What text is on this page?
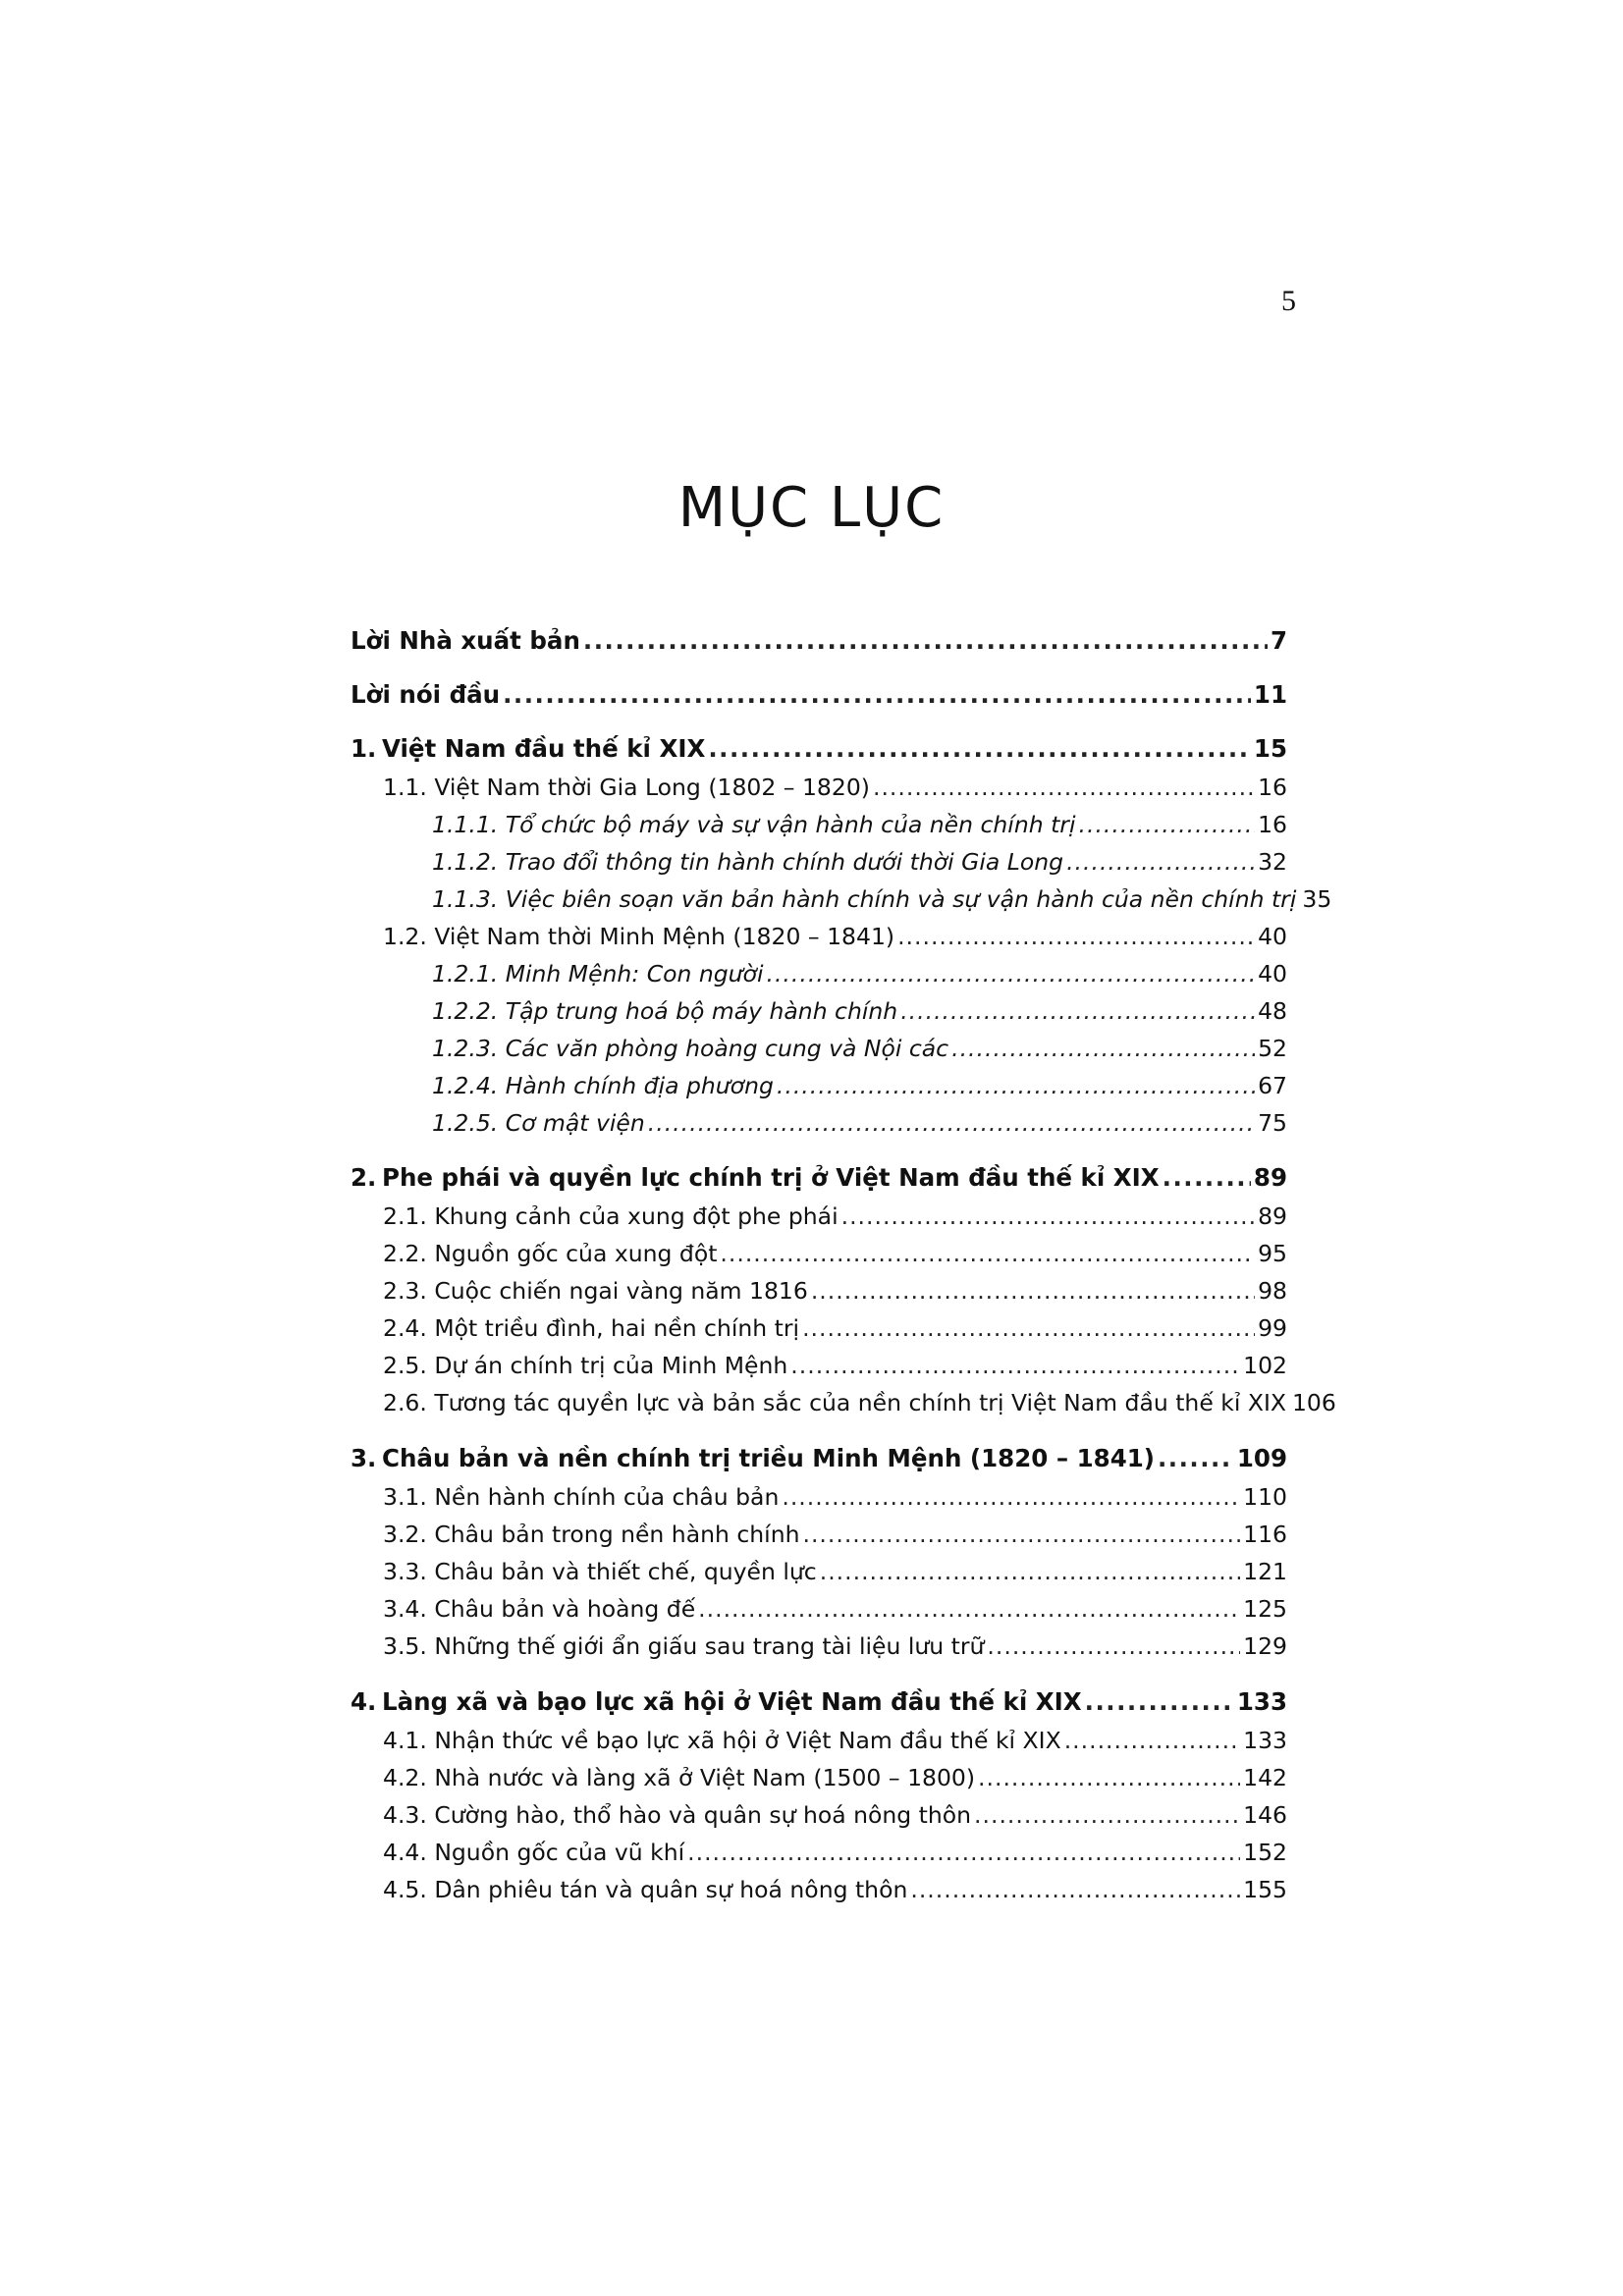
5
MỤC LỤC
Lời Nhà xuất bản .....	7
Lời nói đầu .....	11
1. Việt Nam đầu thế kỉ XIX .....	15
1.1. Việt Nam thời Gia Long (1802 – 1820) .....	16
1.1.1. Tổ chức bộ máy và sự vận hành của nền chính trị .....	16
1.1.2. Trao đổi thông tin hành chính dưới thời Gia Long .....	32
1.1.3. Việc biên soạn văn bản hành chính và sự vận hành của nền chính trị 35
1.2. Việt Nam thời Minh Mệnh (1820 – 1841) .....	40
1.2.1. Minh Mệnh: Con người .....	40
1.2.2. Tập trung hoá bộ máy hành chính .....	48
1.2.3. Các văn phòng hoàng cung và Nội các .....	52
1.2.4. Hành chính địa phương .....	67
1.2.5. Cơ mật viện .....	75
2. Phe phái và quyền lực chính trị ở Việt Nam đầu thế kỉ XIX .....	89
2.1. Khung cảnh của xung đột phe phái .....	89
2.2. Nguồn gốc của xung đột .....	95
2.3. Cuộc chiến ngai vàng năm 1816 .....	98
2.4. Một triều đình, hai nền chính trị .....	99
2.5. Dự án chính trị của Minh Mệnh .....	102
2.6. Tương tác quyền lực và bản sắc của nền chính trị Việt Nam đầu thế kỉ XIX 106
3. Châu bản và nền chính trị triều Minh Mệnh (1820 – 1841) .....	109
3.1. Nền hành chính của châu bản .....	110
3.2. Châu bản trong nền hành chính .....	116
3.3. Châu bản và thiết chế, quyền lực .....	121
3.4. Châu bản và hoàng đế .....	125
3.5. Những thế giới ẩn giấu sau trang tài liệu lưu trữ .....	129
4. Làng xã và bạo lực xã hội ở Việt Nam đầu thế kỉ XIX .....	133
4.1. Nhận thức về bạo lực xã hội ở Việt Nam đầu thế kỉ XIX .....	133
4.2. Nhà nước và làng xã ở Việt Nam (1500 – 1800) .....	142
4.3. Cường hào, thổ hào và quân sự hoá nông thôn .....	146
4.4. Nguồn gốc của vũ khí .....	152
4.5. Dân phiêu tán và quân sự hoá nông thôn .....	155
